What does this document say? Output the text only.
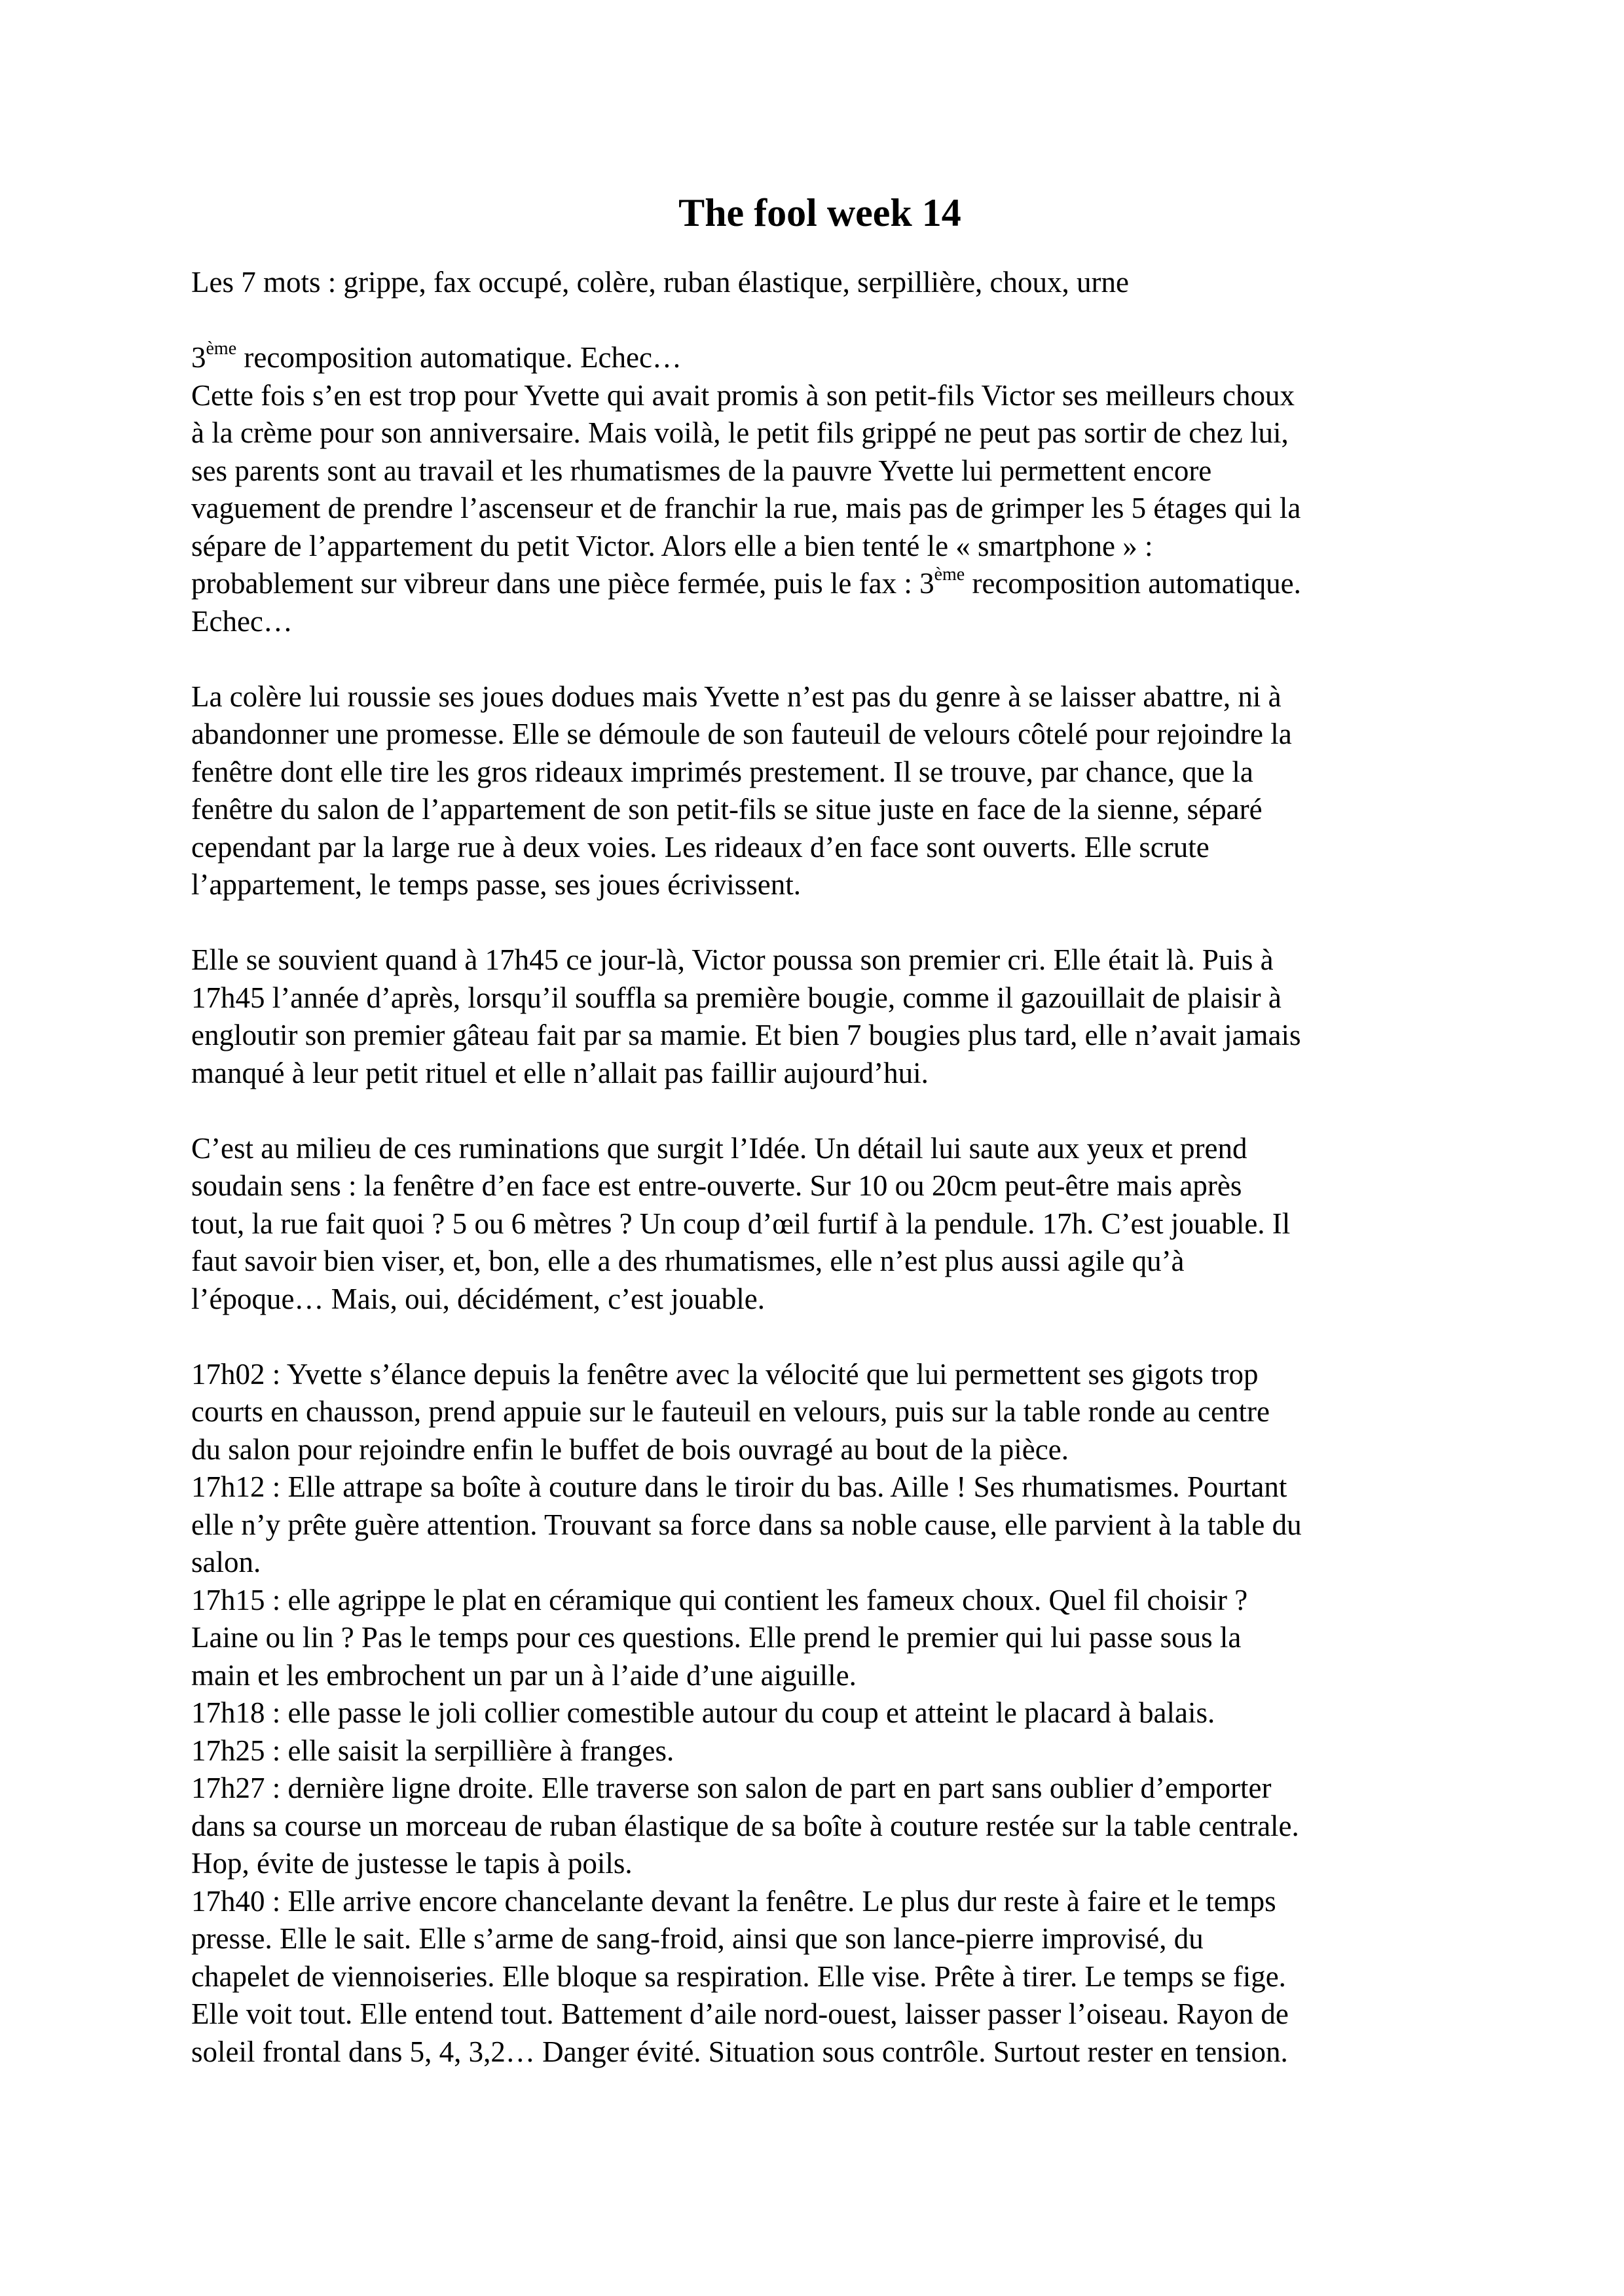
The fool week 14

Les 7 mots : grippe, fax occupé, colère, ruban élastique, serpillière, choux, urne

3ème recomposition automatique. Echec…

Cette fois s’en est trop pour Yvette qui avait promis à son petit-fils Victor ses meilleurs choux

à la crème pour son anniversaire. Mais voilà, le petit fils grippé ne peut pas sortir de chez lui,

ses parents sont au travail et les rhumatismes de la pauvre Yvette lui permettent encore

vaguement de prendre l’ascenseur et de franchir la rue, mais pas de grimper les 5 étages qui la

sépare de l’appartement du petit Victor. Alors elle a bien tenté le « smartphone » :

probablement sur vibreur dans une pièce fermée, puis le fax : 3ème recomposition automatique.

Echec…

La colère lui roussie ses joues dodues mais Yvette n’est pas du genre à se laisser abattre, ni à

abandonner une promesse. Elle se démoule de son fauteuil de velours côtelé pour rejoindre la

fenêtre dont elle tire les gros rideaux imprimés prestement. Il se trouve, par chance, que la

fenêtre du salon de l’appartement de son petit-fils se situe juste en face de la sienne, séparé

cependant par la large rue à deux voies. Les rideaux d’en face sont ouverts. Elle scrute

l’appartement, le temps passe, ses joues écrivissent.

Elle se souvient quand à 17h45 ce jour-là, Victor poussa son premier cri. Elle était là. Puis à

17h45 l’année d’après, lorsqu’il souffla sa première bougie, comme il gazouillait de plaisir à

engloutir son premier gâteau fait par sa mamie. Et bien 7 bougies plus tard, elle n’avait jamais

manqué à leur petit rituel et elle n’allait pas faillir aujourd’hui.

C’est au milieu de ces ruminations que surgit l’Idée. Un détail lui saute aux yeux et prend

soudain sens : la fenêtre d’en face est entre-ouverte. Sur 10 ou 20cm peut-être mais après

tout, la rue fait quoi ? 5 ou 6 mètres ? Un coup d’œil furtif à la pendule. 17h. C’est jouable. Il

faut savoir bien viser, et, bon, elle a des rhumatismes, elle n’est plus aussi agile qu’à

l’époque… Mais, oui, décidément, c’est jouable.

17h02 : Yvette s’élance depuis la fenêtre avec la vélocité que lui permettent ses gigots trop

courts en chausson, prend appuie sur le fauteuil en velours, puis sur la table ronde au centre

du salon pour rejoindre enfin le buffet de bois ouvragé au bout de la pièce.

17h12 : Elle attrape sa boîte à couture dans le tiroir du bas. Aille ! Ses rhumatismes. Pourtant

elle n’y prête guère attention. Trouvant sa force dans sa noble cause, elle parvient à la table du

salon.

17h15 : elle agrippe le plat en céramique qui contient les fameux choux. Quel fil choisir ?

Laine ou lin ? Pas le temps pour ces questions. Elle prend le premier qui lui passe sous la

main et les embrochent un par un à l’aide d’une aiguille.

17h18 : elle passe le joli collier comestible autour du coup et atteint le placard à balais.

17h25 : elle saisit la serpillière à franges.

17h27 : dernière ligne droite. Elle traverse son salon de part en part sans oublier d’emporter

dans sa course un morceau de ruban élastique de sa boîte à couture restée sur la table centrale.

Hop, évite de justesse le tapis à poils.

17h40 : Elle arrive encore chancelante devant la fenêtre. Le plus dur reste à faire et le temps

presse. Elle le sait. Elle s’arme de sang-froid, ainsi que son lance-pierre improvisé, du

chapelet de viennoiseries. Elle bloque sa respiration. Elle vise. Prête à tirer. Le temps se fige.

Elle voit tout. Elle entend tout. Battement d’aile nord-ouest, laisser passer l’oiseau. Rayon de

soleil frontal dans 5, 4, 3,2… Danger évité. Situation sous contrôle. Surtout rester en tension.
